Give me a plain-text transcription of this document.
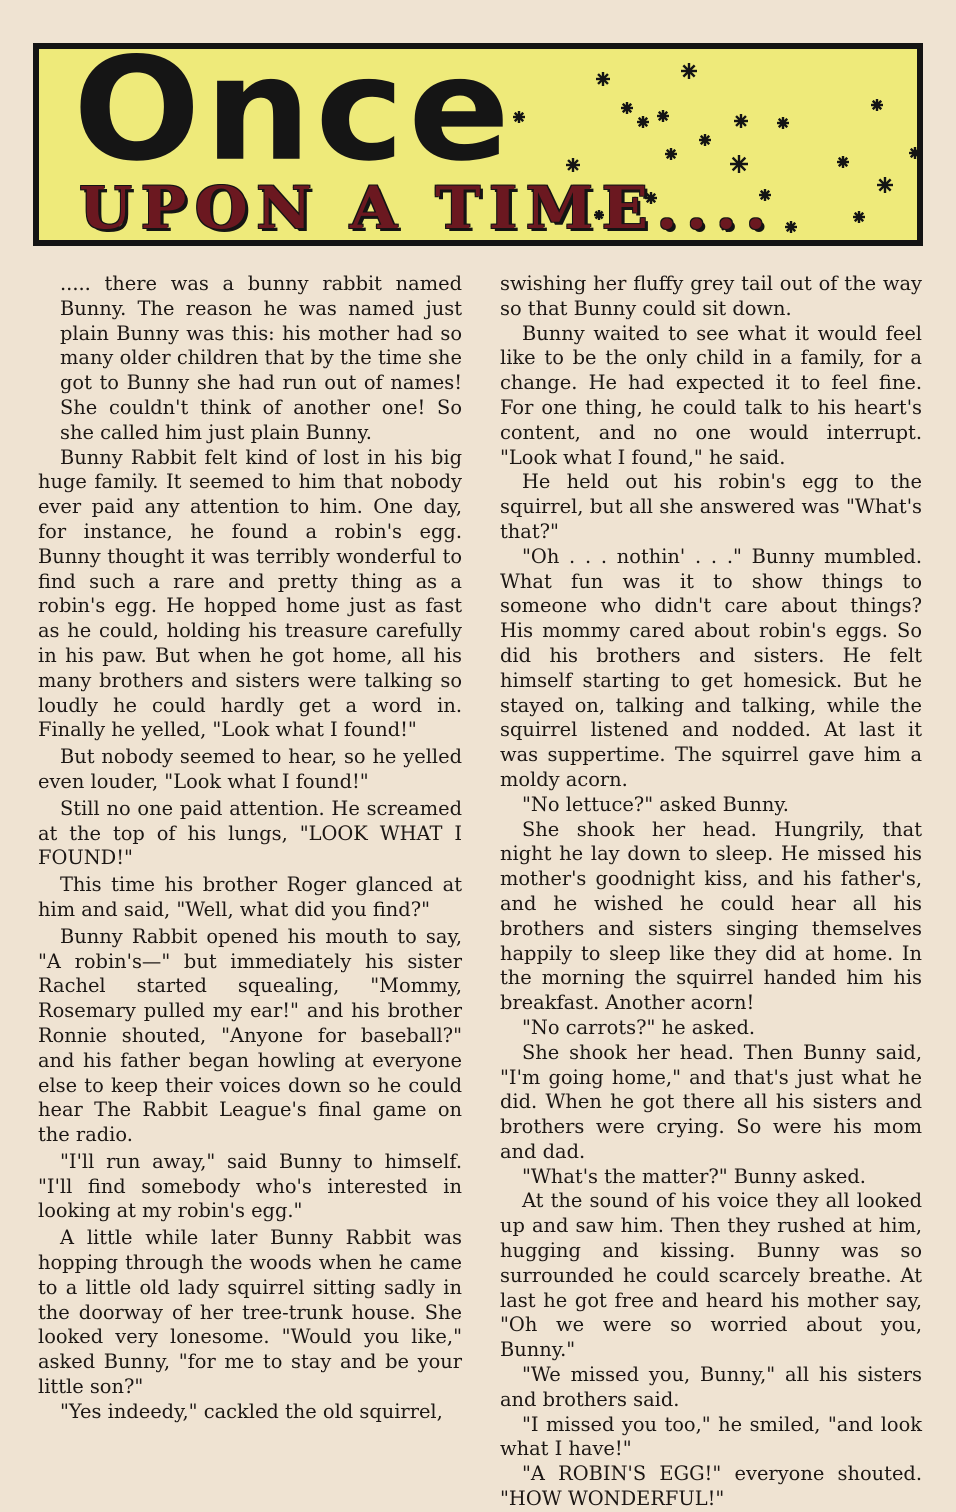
Once
UPON A TIME....

..... there was a bunny rabbit named Bunny. The reason he was named just plain Bunny was this: his mother had so many older children that by the time she got to Bunny she had run out of names! She couldn't think of another one! So she called him just plain Bunny.

Bunny Rabbit felt kind of lost in his big huge family. It seemed to him that nobody ever paid any attention to him. One day, for instance, he found a robin's egg. Bunny thought it was terribly wonderful to find such a rare and pretty thing as a robin's egg. He hopped home just as fast as he could, holding his treasure carefully in his paw. But when he got home, all his many brothers and sisters were talking so loudly he could hardly get a word in. Finally he yelled, "Look what I found!"

But nobody seemed to hear, so he yelled even louder, "Look what I found!"

Still no one paid attention. He screamed at the top of his lungs, "LOOK WHAT I FOUND!"

This time his brother Roger glanced at him and said, "Well, what did you find?"

Bunny Rabbit opened his mouth to say, "A robin's—" but immediately his sister Rachel started squealing, "Mommy, Rosemary pulled my ear!" and his brother Ronnie shouted, "Anyone for baseball?" and his father began howling at everyone else to keep their voices down so he could hear The Rabbit League's final game on the radio.

"I'll run away," said Bunny to himself. "I'll find somebody who's interested in looking at my robin's egg."

A little while later Bunny Rabbit was hopping through the woods when he came to a little old lady squirrel sitting sadly in the doorway of her tree-trunk house. She looked very lonesome. "Would you like," asked Bunny, "for me to stay and be your little son?"

"Yes indeedy," cackled the old squirrel,

swishing her fluffy grey tail out of the way so that Bunny could sit down.

Bunny waited to see what it would feel like to be the only child in a family, for a change. He had expected it to feel fine. For one thing, he could talk to his heart's content, and no one would interrupt. "Look what I found," he said.

He held out his robin's egg to the squirrel, but all she answered was "What's that?"

"Oh . . . nothin' . . ." Bunny mumbled. What fun was it to show things to someone who didn't care about things? His mommy cared about robin's eggs. So did his brothers and sisters. He felt himself starting to get homesick. But he stayed on, talking and talking, while the squirrel listened and nodded. At last it was suppertime. The squirrel gave him a moldy acorn.

"No lettuce?" asked Bunny.

She shook her head. Hungrily, that night he lay down to sleep. He missed his mother's goodnight kiss, and his father's, and he wished he could hear all his brothers and sisters singing themselves happily to sleep like they did at home. In the morning the squirrel handed him his breakfast. Another acorn!

"No carrots?" he asked.

She shook her head. Then Bunny said, "I'm going home," and that's just what he did. When he got there all his sisters and brothers were crying. So were his mom and dad.

"What's the matter?" Bunny asked.

At the sound of his voice they all looked up and saw him. Then they rushed at him, hugging and kissing. Bunny was so surrounded he could scarcely breathe. At last he got free and heard his mother say, "Oh we were so worried about you, Bunny."

"We missed you, Bunny," all his sisters and brothers said.

"I missed you too," he smiled, "and look what I have!"

"A ROBIN'S EGG!" everyone shouted. "HOW WONDERFUL!"
